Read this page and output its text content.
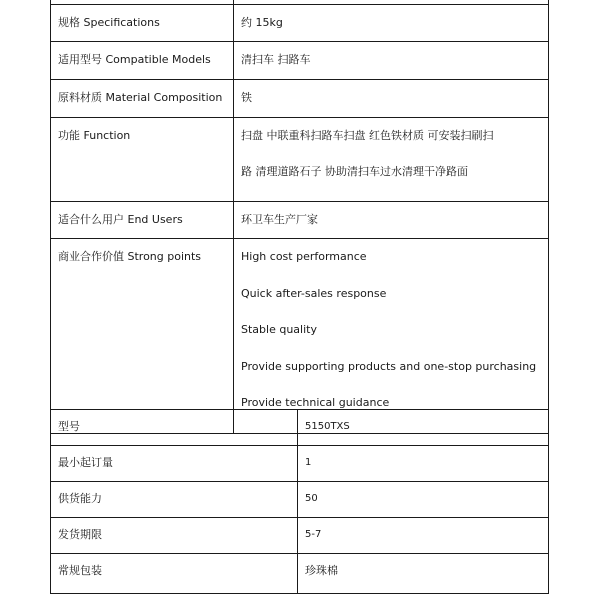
规格 Specifications	约 15kg
适用型号 Compatible Models	清扫车 扫路车
原料材质 Material Composition	铁
功能 Function	扫盘 中联重科扫路车扫盘 红色铁材质 可安装扫刷扫
路 清理道路石子 协助清扫车过水清理干净路面

适合什么用户 End Users	环卫车生产厂家
商业合作价值 Strong points	High cost performance
Quick after-sales response
Stable quality
Provide supporting products and one-stop purchasing
Provide technical guidance
型号	5150TXS
最小起订量	1
供货能力	50
发货期限	5-7
常规包装	珍珠棉
